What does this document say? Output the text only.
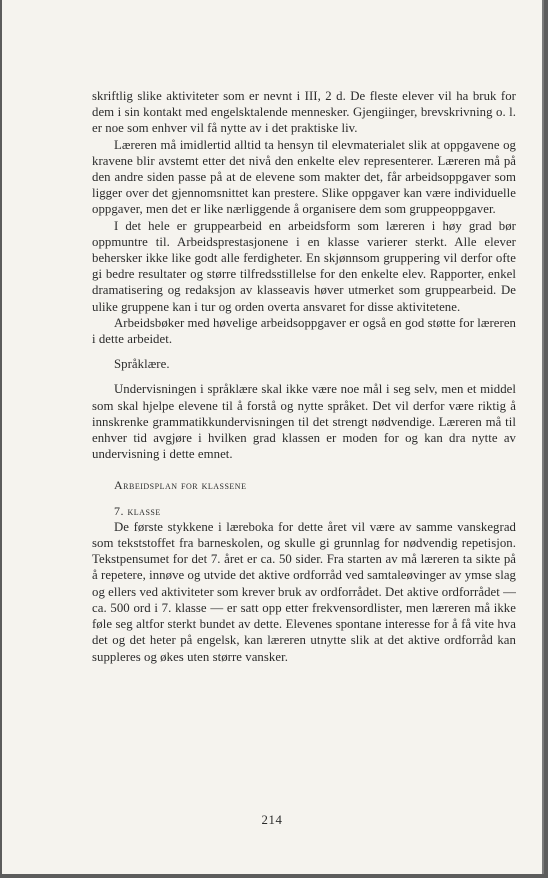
skriftlig slike aktiviteter som er nevnt i III, 2 d. De fleste elever vil ha bruk for dem i sin kontakt med engelsktalende mennesker. Gjengiinger, brevskrivning o. l. er noe som enhver vil få nytte av i det praktiske liv.

Læreren må imidlertid alltid ta hensyn til elevmaterialet slik at oppgavene og kravene blir avstemt etter det nivå den enkelte elev representerer. Læreren må på den andre siden passe på at de elevene som makter det, får arbeidsoppgaver som ligger over det gjennomsnittet kan prestere. Slike oppgaver kan være individuelle oppgaver, men det er like nærliggende å organisere dem som gruppeoppgaver.

I det hele er gruppearbeid en arbeidsform som læreren i høy grad bør oppmuntre til. Arbeidsprestasjonene i en klasse varierer sterkt. Alle elever behersker ikke like godt alle ferdigheter. En skjønnsom gruppering vil derfor ofte gi bedre resultater og større tilfredsstillelse for den enkelte elev. Rapporter, enkel dramatisering og redaksjon av klasseavis høver utmerket som gruppearbeid. De ulike gruppene kan i tur og orden overta ansvaret for disse aktivitetene.

Arbeidsbøker med høvelige arbeidsoppgaver er også en god støtte for læreren i dette arbeidet.

Språklære.

Undervisningen i språklære skal ikke være noe mål i seg selv, men et middel som skal hjelpe elevene til å forstå og nytte språket. Det vil derfor være riktig å innskrenke grammatikkundervisningen til det strengt nødvendige. Læreren må til enhver tid avgjøre i hvilken grad klassen er moden for og kan dra nytte av undervisning i dette emnet.

Arbeidsplan for klassene

7. klasse

De første stykkene i læreboka for dette året vil være av samme vanskegrad som tekststoffet fra barneskolen, og skulle gi grunnlag for nødvendig repetisjon. Tekstpensumet for det 7. året er ca. 50 sider. Fra starten av må læreren ta sikte på å repetere, innøve og utvide det aktive ordforråd ved samtaleøvinger av ymse slag og ellers ved aktiviteter som krever bruk av ordforrådet. Det aktive ordforrådet — ca. 500 ord i 7. klasse — er satt opp etter frekvensordlister, men læreren må ikke føle seg altfor sterkt bundet av dette. Elevenes spontane interesse for å få vite hva det og det heter på engelsk, kan læreren utnytte slik at det aktive ordforråd kan suppleres og økes uten større vansker.

214
